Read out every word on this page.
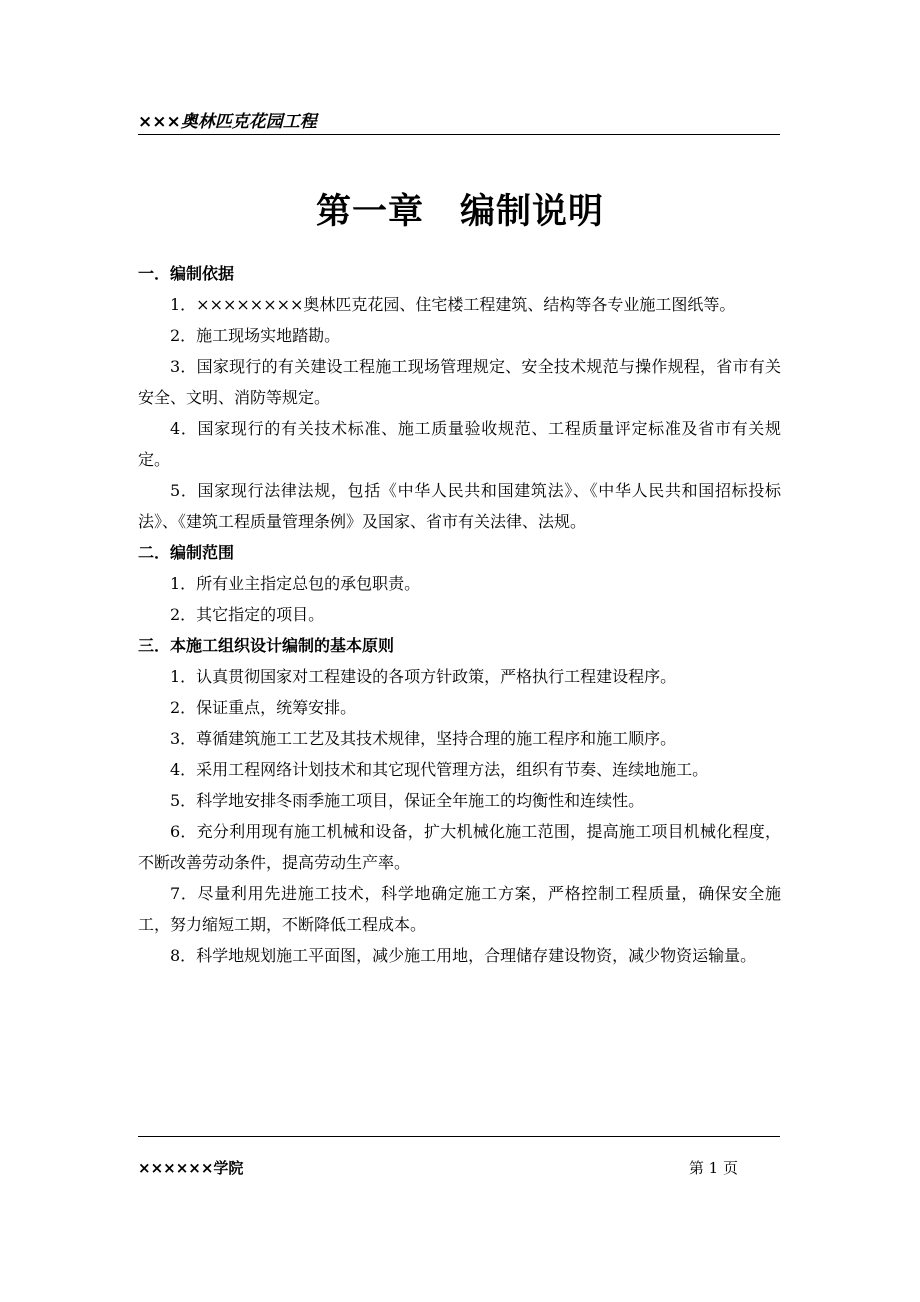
×××奥林匹克花园工程
第一章　编制说明

一．编制依据

1．××××××××奥林匹克花园、住宅楼工程建筑、结构等各专业施工图纸等。

2．施工现场实地踏勘。

3．国家现行的有关建设工程施工现场管理规定、安全技术规范与操作规程，省市有关安全、文明、消防等规定。

4．国家现行的有关技术标准、施工质量验收规范、工程质量评定标准及省市有关规定。

5．国家现行法律法规，包括《中华人民共和国建筑法》、《中华人民共和国招标投标法》、《建筑工程质量管理条例》及国家、省市有关法律、法规。

二．编制范围

1．所有业主指定总包的承包职责。

2．其它指定的项目。

三．本施工组织设计编制的基本原则

1．认真贯彻国家对工程建设的各项方针政策，严格执行工程建设程序。

2．保证重点，统筹安排。

3．尊循建筑施工工艺及其技术规律，坚持合理的施工程序和施工顺序。

4．采用工程网络计划技术和其它现代管理方法，组织有节奏、连续地施工。

5．科学地安排冬雨季施工项目，保证全年施工的均衡性和连续性。

6．充分利用现有施工机械和设备，扩大机械化施工范围，提高施工项目机械化程度，不断改善劳动条件，提高劳动生产率。

7．尽量利用先进施工技术，科学地确定施工方案，严格控制工程质量，确保安全施工，努力缩短工期，不断降低工程成本。

8．科学地规划施工平面图，减少施工用地，合理储存建设物资，减少物资运输量。

××××××学院	第 1 页
